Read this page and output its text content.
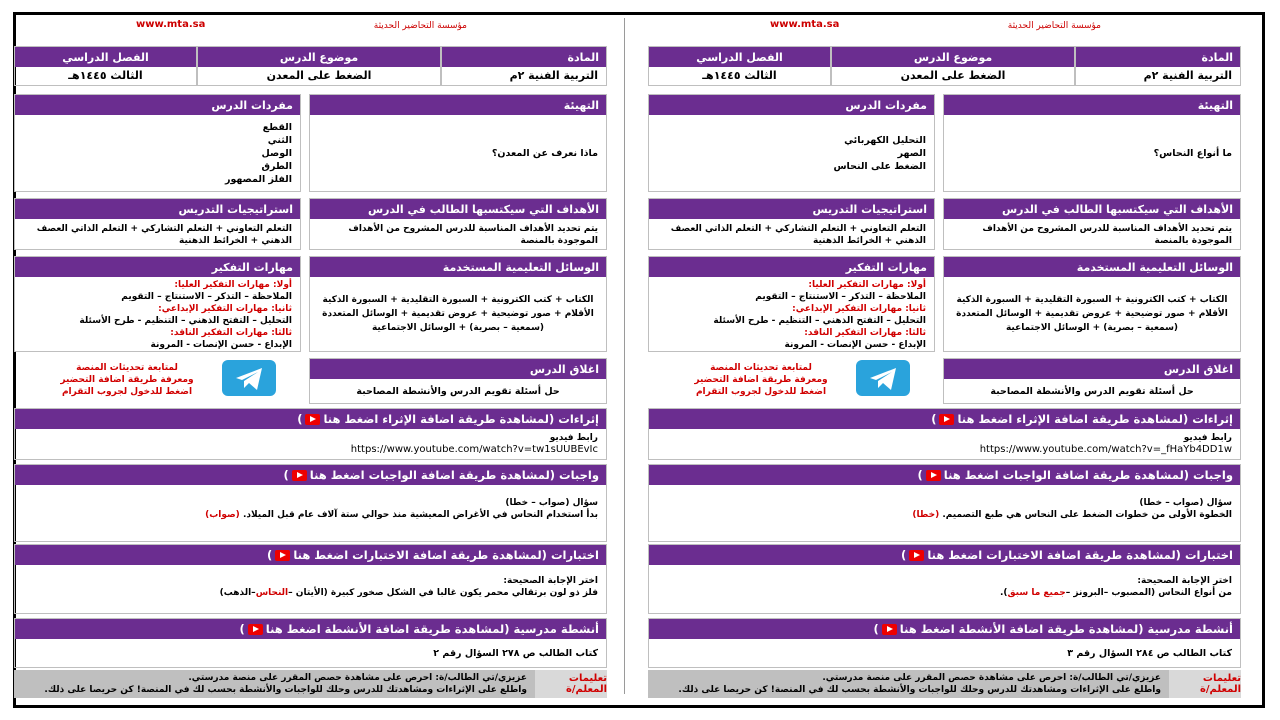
مؤسسة التحاضير الحديثة
www.mta.sa
المادة
التربية الفنية ٢م
موضوع الدرس
الضغط على المعدن
الفصل الدراسي
الثالث ١٤٤٥هـ
التهيئة
ما أنواع النحاس؟
مفردات الدرس
التحليل الكهربائي
الصهر
الضغط على النحاس
الأهداف التي سيكتسبها الطالب في الدرس
يتم تحديد الأهداف المناسبة للدرس المشروح من الأهداف الموجودة بالمنصة
استراتيجيات التدريس
التعلم التعاوني + التعلم التشاركي + التعلم الذاتي العصف الذهني + الخرائط الذهنية
الوسائل التعليمية المستخدمة
الكتاب + كتب الكترونية + السبورة التقليدية + السبورة الذكية
الأقلام + صور توضيحية + عروض تقديمية + الوسائل المتعددة
(سمعية – بصرية) + الوسائل الاجتماعية
مهارات التفكير
أولا: مهارات التفكير العليا:
الملاحظة – التذكر – الاستنتاج – التقويم
ثانيا: مهارات التفكير الإبداعي:
التحليل – التفتح الذهني – التنظيم - طرح الأسئلة
ثالثا: مهارات التفكير الناقد:
الإبداع - حسن الإنصات - المرونة
اغلاق الدرس
حل أسئلة تقويم الدرس والأنشطة المصاحبة
لمتابعة تحديثات المنصة
ومعرفة طريقة اضافة التحضير
اضغط للدخول لجروب التقرام
إثراءات (لمشاهدة طريقة اضافة الإثراء اضغط هنا
)
رابط فيديو
https://www.youtube.com/watch?v=_fHaYb4DD1w
واجبات (لمشاهدة طريقة اضافة الواجبات اضغط هنا
)
سؤال (صواب – خطا)
الخطوة الأولى من خطوات الضغط على النحاس هي طبع التصميم. (خطا)
اختبارات (لمشاهدة طريقة اضافة الاختبارات اضغط هنا
)
اختر الإجابة الصحيحة:
من أنواع النحاس (المصبوب –البرونز –جميع ما سبق).
أنشطة مدرسية (لمشاهدة طريقة اضافة الأنشطة اضغط هنا
)
كتاب الطالب ص ٢٨٤ السؤال رقم ٣
تعليمات المعلم/ة
عزيزي/تي الطالب/ة: احرص على مشاهدة حصص المقرر على منصة مدرستي.
واطلع على الإثراءات ومشاهدتك للدرس وحلك للواجبات والأنشطة بحسب لك في المنصة! كن حريصا على ذلك.
مؤسسة التحاضير الحديثة
www.mta.sa
المادة
التربية الفنية ٢م
موضوع الدرس
الضغط على المعدن
الفصل الدراسي
الثالث ١٤٤٥هـ
التهيئة
ماذا نعرف عن المعدن؟
مفردات الدرس
القطع
الثني
الوصل
الطرق
الفلز المصهور
الأهداف التي سيكتسبها الطالب في الدرس
يتم تحديد الأهداف المناسبة للدرس المشروح من الأهداف الموجودة بالمنصة
استراتيجيات التدريس
التعلم التعاوني + التعلم التشاركي + التعلم الذاتي العصف الذهني + الخرائط الذهنية
الوسائل التعليمية المستخدمة
الكتاب + كتب الكترونية + السبورة التقليدية + السبورة الذكية
الأقلام + صور توضيحية + عروض تقديمية + الوسائل المتعددة
(سمعية – بصرية) + الوسائل الاجتماعية
مهارات التفكير
أولا: مهارات التفكير العليا:
الملاحظة – التذكر – الاستنتاج – التقويم
ثانيا: مهارات التفكير الإبداعي:
التحليل – التفتح الذهني – التنظيم - طرح الأسئلة
ثالثا: مهارات التفكير الناقد:
الإبداع - حسن الإنصات - المرونة
اغلاق الدرس
حل أسئلة تقويم الدرس والأنشطة المصاحبة
لمتابعة تحديثات المنصة
ومعرفة طريقة اضافة التحضير
اضغط للدخول لجروب التقرام
إثراءات (لمشاهدة طريقة اضافة الإثراء اضغط هنا
)
رابط فيديو
https://www.youtube.com/watch?v=tw1sUUBEvIc
واجبات (لمشاهدة طريقة اضافة الواجبات اضغط هنا
)
سؤال (صواب – خطا)
بدأ استخدام النحاس في الأغراض المعيشية منذ حوالي ستة آلاف عام قبل الميلاد. (صواب)
اختبارات (لمشاهدة طريقة اضافة الاختبارات اضغط هنا
)
اختر الإجابة الصحيحة:
فلز ذو لون برتقالي محمر يكون غالبا في الشكل صخور كبيرة (الأيتان –النحاس–الذهب)
أنشطة مدرسية (لمشاهدة طريقة اضافة الأنشطة اضغط هنا
)
كتاب الطالب ص ٢٧٨ السؤال رقم ٢
تعليمات المعلم/ة
عزيزي/تي الطالب/ة: احرص على مشاهدة حصص المقرر على منصة مدرستي.
واطلع على الإثراءات ومشاهدتك للدرس وحلك للواجبات والأنشطة بحسب لك في المنصة! كن حريصا على ذلك.
